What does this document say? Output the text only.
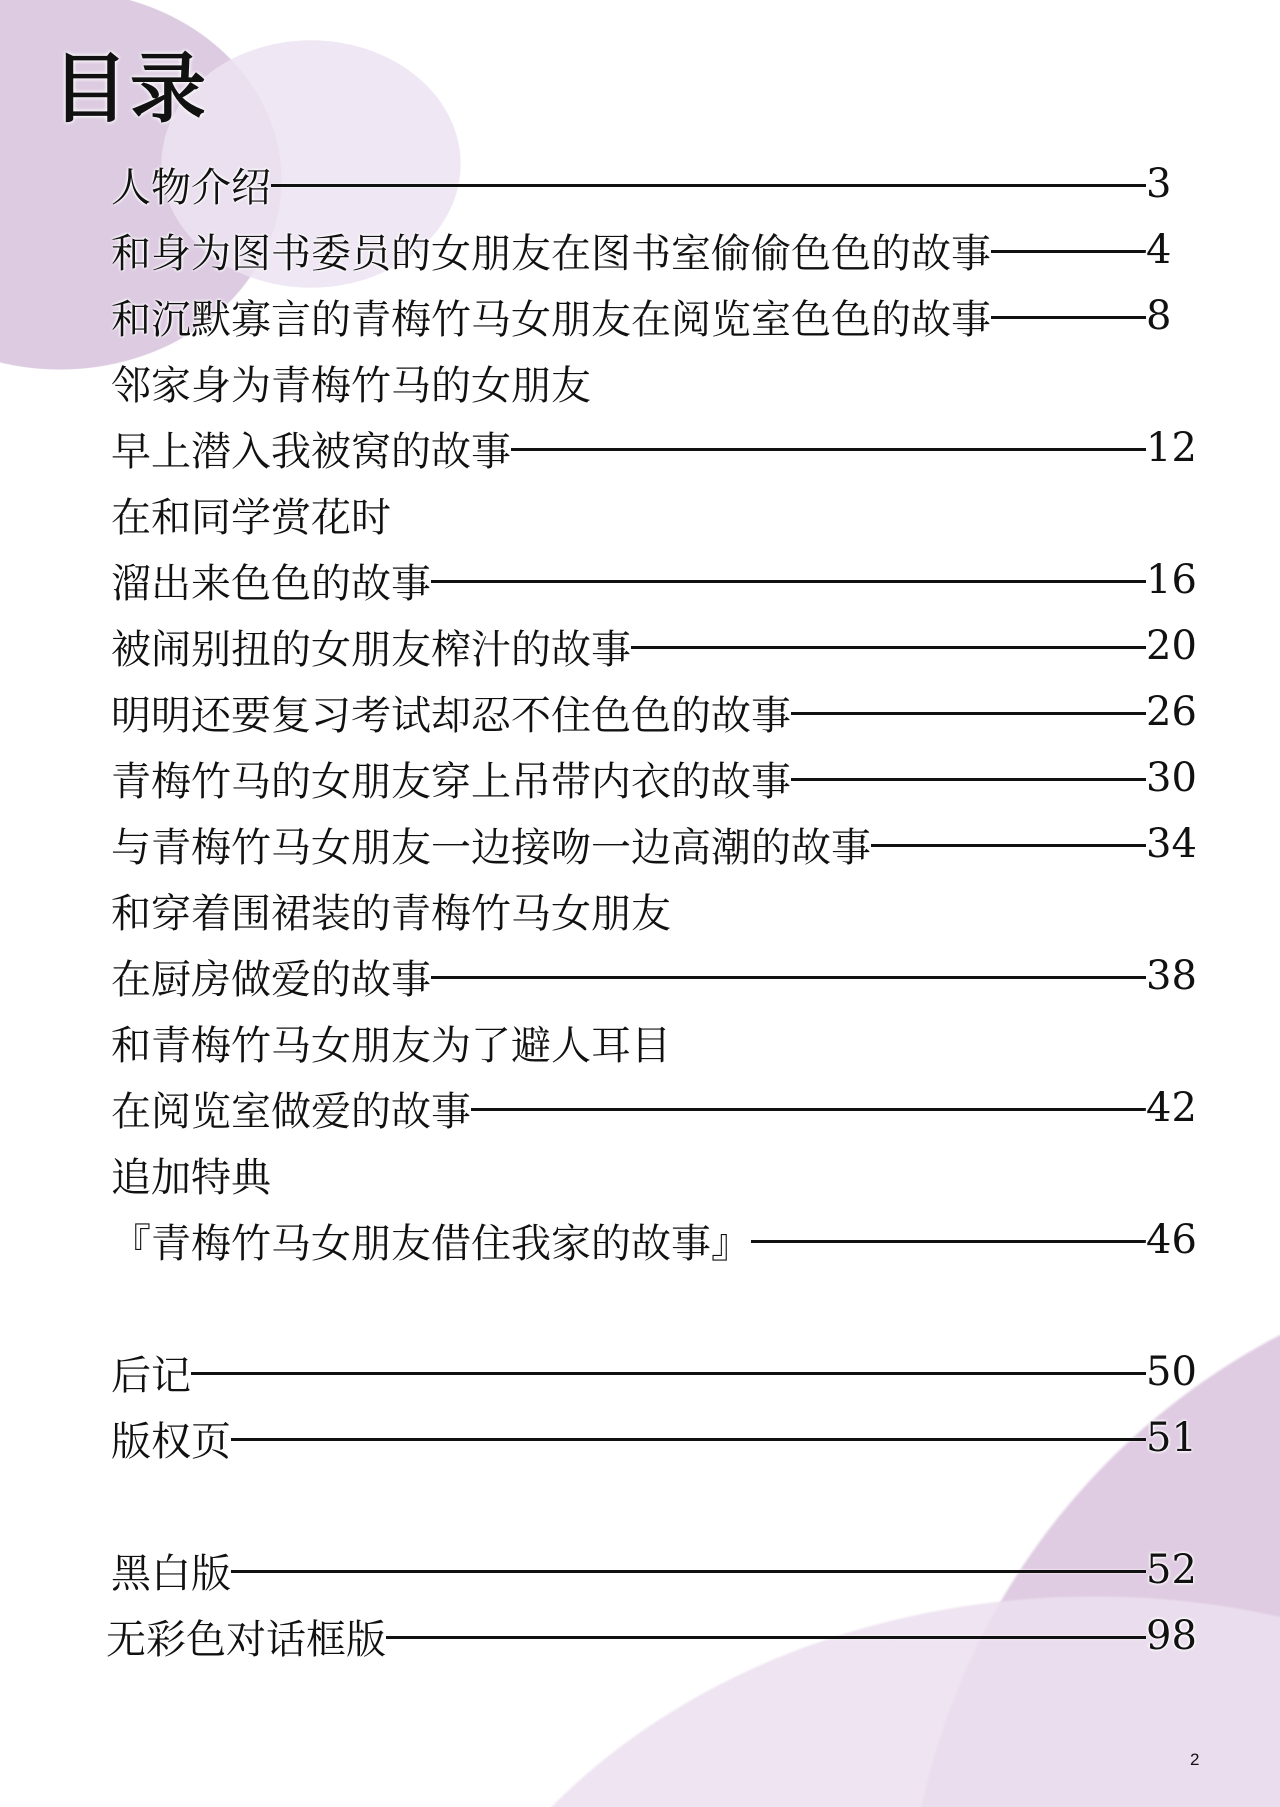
目录
人物介绍	3
和身为图书委员的女朋友在图书室偷偷色色的故事	4
和沉默寡言的青梅竹马女朋友在阅览室色色的故事	8
邻家身为青梅竹马的女朋友
早上潜入我被窝的故事	12
在和同学赏花时
溜出来色色的故事	16
被闹别扭的女朋友榨汁的故事	20
明明还要复习考试却忍不住色色的故事	26
青梅竹马的女朋友穿上吊带内衣的故事	30
与青梅竹马女朋友一边接吻一边高潮的故事	34
和穿着围裙装的青梅竹马女朋友
在厨房做爱的故事	38
和青梅竹马女朋友为了避人耳目
在阅览室做爱的故事	42
追加特典
『青梅竹马女朋友借住我家的故事』	46
后记	50
版权页	51
黑白版	52
无彩色对话框版	98
2
